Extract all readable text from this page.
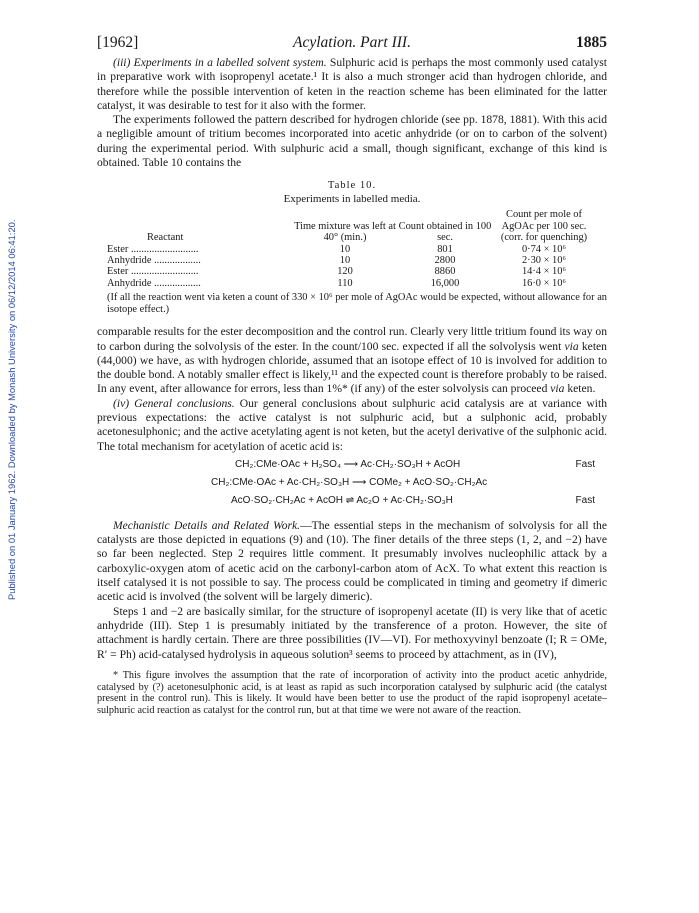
Published on 01 January 1962. Downloaded by Monash University on 06/12/2014 06:41:20.
[1962]	Acylation. Part III.	1885

(iii) Experiments in a labelled solvent system. Sulphuric acid is perhaps the most commonly used catalyst in preparative work with isopropenyl acetate.¹ It is also a much stronger acid than hydrogen chloride, and therefore while the possible intervention of keten in the reaction scheme has been eliminated for the latter catalyst, it was desirable to test for it also with the former.

The experiments followed the pattern described for hydrogen chloride (see pp. 1878, 1881). With this acid a negligible amount of tritium becomes incorporated into acetic anhydride (or on to carbon of the solvent) during the experimental period. With sulphuric acid a small, though significant, exchange of this kind is obtained. Table 10 contains the

Table 10.
Experiments in labelled media.
Reactant	Time mixture was left at 40° (min.)	Count obtained in 100 sec.	Count per mole of AgOAc per 100 sec. (corr. for quenching)
Ester ..........................	10	801	0·74 × 10⁶
Anhydride ..................	10	2800	2·30 × 10⁶
Ester ..........................	120	8860	14·4 × 10⁶
Anhydride ..................	110	16,000	16·0 × 10⁶

(If all the reaction went via keten a count of 330 × 10⁶ per mole of AgOAc would be expected, without allowance for an isotope effect.)

comparable results for the ester decomposition and the control run. Clearly very little tritium found its way on to carbon during the solvolysis of the ester. In the count/100 sec. expected if all the solvolysis went via keten (44,000) we have, as with hydrogen chloride, assumed that an isotope effect of 10 is involved for addition to the double bond. A notably smaller effect is likely,¹¹ and the expected count is therefore probably to be raised. In any event, after allowance for errors, less than 1%* (if any) of the ester solvolysis can proceed via keten.

(iv) General conclusions. Our general conclusions about sulphuric acid catalysis are at variance with previous expectations: the active catalyst is not sulphuric acid, but a sulphonic acid, probably acetonesulphonic; and the active acetylating agent is not keten, but the acetyl derivative of the sulphonic acid. The total mechanism for acetylation of acetic acid is:

CH₂:CMe·OAc + H₂SO₄ ⟶ Ac·CH₂·SO₃H + AcOH	Fast
CH₂:CMe·OAc + Ac·CH₂·SO₃H ⟶ COMe₂ + AcO·SO₂·CH₂Ac
AcO·SO₂·CH₂Ac + AcOH ⇌ Ac₂O + Ac·CH₂·SO₃H	Fast

Mechanistic Details and Related Work.—The essential steps in the mechanism of solvolysis for all the catalysts are those depicted in equations (9) and (10). The finer details of the three steps (1, 2, and −2) have so far been neglected. Step 2 requires little comment. It presumably involves nucleophilic attack by a carboxylic-oxygen atom of acetic acid on the carbonyl-carbon atom of AcX. To what extent this reaction is itself catalysed it is not possible to say. The process could be complicated in timing and geometry if dimeric acetic acid is involved (the solvent will be largely dimeric).

Steps 1 and −2 are basically similar, for the structure of isopropenyl acetate (II) is very like that of acetic anhydride (III). Step 1 is presumably initiated by the transference of a proton. However, the site of attachment is hardly certain. There are three possibilities (IV—VI). For methoxyvinyl benzoate (I; R = OMe, R′ = Ph) acid-catalysed hydrolysis in aqueous solution³ seems to proceed by attachment, as in (IV),

* This figure involves the assumption that the rate of incorporation of activity into the product acetic anhydride, catalysed by (?) acetonesulphonic acid, is at least as rapid as such incorporation catalysed by sulphuric acid (the catalyst present in the control run). This is likely. It would have been better to use the product of the rapid isopropenyl acetate–sulphuric acid reaction as catalyst for the control run, but at that time we were not aware of the reaction.
